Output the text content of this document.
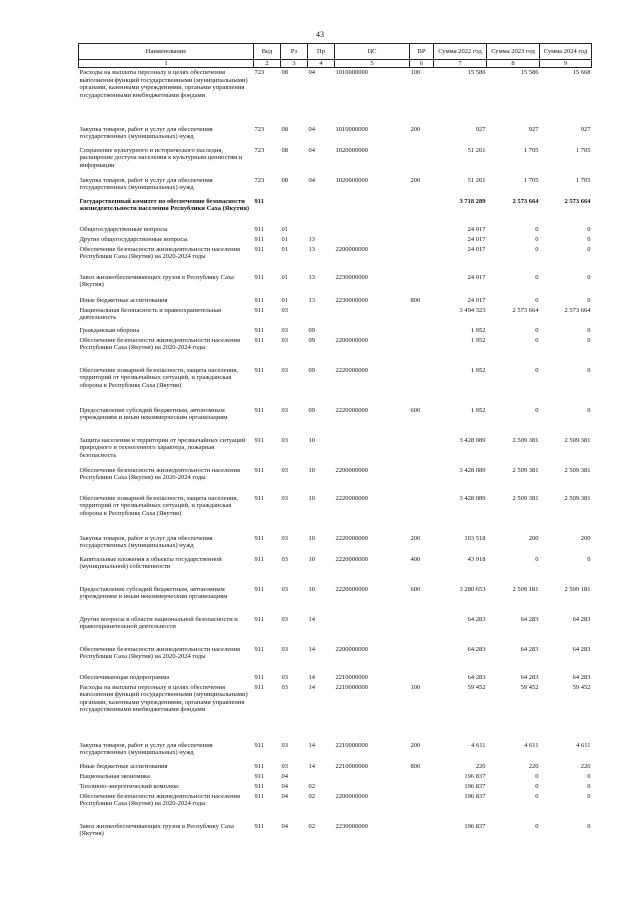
43
Наименование	Вед	Рз	Пр	ЦС	ВР	Сумма 2022 год	Сумма 2023 год	Сумма 2024 год
1	2	3	4	5	6	7	8	9
Расходы на выплаты персоналу в целях обеспечения выполнения функций государственными (муниципальными) органами, казенными учреждениями, органами управления государственными внебюджетными фондами	723	08	04	1010000000	100	15 586	15 586	15 668
Закупка товаров, работ и услуг для обеспечения государственных (муниципальных) нужд	723	08	04	1010000000	200	927	927	927
Сохранение культурного и исторического наследия, расширение доступа населения к культурным ценностям и информации	723	08	04	1020000000		51 261	1 705	1 705
Закупка товаров, работ и услуг для обеспечения государственных (муниципальных) нужд	723	08	04	1020000000	200	51 261	1 705	1 705
Государственный комитет по обеспечению безопасности жизнедеятельности населения Республики Саха (Якутия)	911					3 718 289	2 573 664	2 573 664
Общегосударственные вопросы	911	01				24 017	0	0
Другие общегосударственные вопросы	911	01	13			24 017	0	0
Обеспечение безопасности жизнедеятельности населения Республики Саха (Якутия) на 2020-2024 годы	911	01	13	2200000000		24 017	0	0
Завоз жизнеобеспечивающих грузов в Республику Саха (Якутия)	911	01	13	2230000000		24 017	0	0
Иные бюджетные ассигнования	911	01	13	2230000000	800	24 017	0	0
Национальная безопасность и правоохранительная деятельность	911	03				3 494 323	2 573 664	2 573 664
Гражданская оборона	911	03	09			1 952	0	0
Обеспечение безопасности жизнедеятельности населения Республики Саха (Якутия) на 2020-2024 годы	911	03	09	2200000000		1 952	0	0
Обеспечение пожарной безопасности, защита населения, территорий от чрезвычайных ситуаций, и гражданская оборона в Республике Саха (Якутия)	911	03	09	2220000000		1 952	0	0
Предоставление субсидий бюджетным, автономным учреждениям и иным некоммерческим организациям	911	03	09	2220000000	600	1 952	0	0
Защита населения и территории от чрезвычайных ситуаций природного и техногенного характера, пожарная безопасность	911	03	10			3 428 089	2 509 381	2 509 381
Обеспечение безопасности жизнедеятельности населения Республики Саха (Якутия) на 2020-2024 годы	911	03	10	2200000000		3 428 089	2 509 381	2 509 381
Обеспечение пожарной безопасности, защита населения, территорий от чрезвычайных ситуаций, и гражданская оборона в Республике Саха (Якутия)	911	03	10	2220000000		3 428 089	2 509 381	2 509 381
Закупка товаров, работ и услуг для обеспечения государственных (муниципальных) нужд	911	03	10	2220000000	200	103 518	200	200
Капитальные вложения в объекты государственной (муниципальной) собственности	911	03	10	2220000000	400	43 918	0	0
Предоставление субсидий бюджетным, автономным учреждениям и иным некоммерческим организациям	911	03	10	2220000000	600	3 280 653	2 509 181	2 509 181
Другие вопросы в области национальной безопасности и правоохранительной деятельности	911	03	14			64 283	64 283	64 283
Обеспечение безопасности жизнедеятельности населения Республики Саха (Якутия) на 2020-2024 годы	911	03	14	2200000000		64 283	64 283	64 283
Обеспечивающая подпрограмма	911	03	14	2210000000		64 283	64 283	64 283
Расходы на выплаты персоналу в целях обеспечения выполнения функций государственными (муниципальными) органами, казенными учреждениями, органами управления государственными внебюджетными фондами	911	03	14	2210000000	100	59 452	59 452	59 452
Закупка товаров, работ и услуг для обеспечения государственных (муниципальных) нужд	911	03	14	2210000000	200	4 611	4 611	4 611
Иные бюджетные ассигнования	911	03	14	2210000000	800	220	220	220
Национальная экономика	911	04				196 837	0	0
Топливно-энергетический комплекс	911	04	02			196 837	0	0
Обеспечение безопасности жизнедеятельности населения Республики Саха (Якутия) на 2020-2024 годы	911	04	02	2200000000		196 837	0	0
Завоз жизнеобеспечивающих грузов в Республику Саха (Якутия)	911	04	02	2230000000		196 837	0	0
